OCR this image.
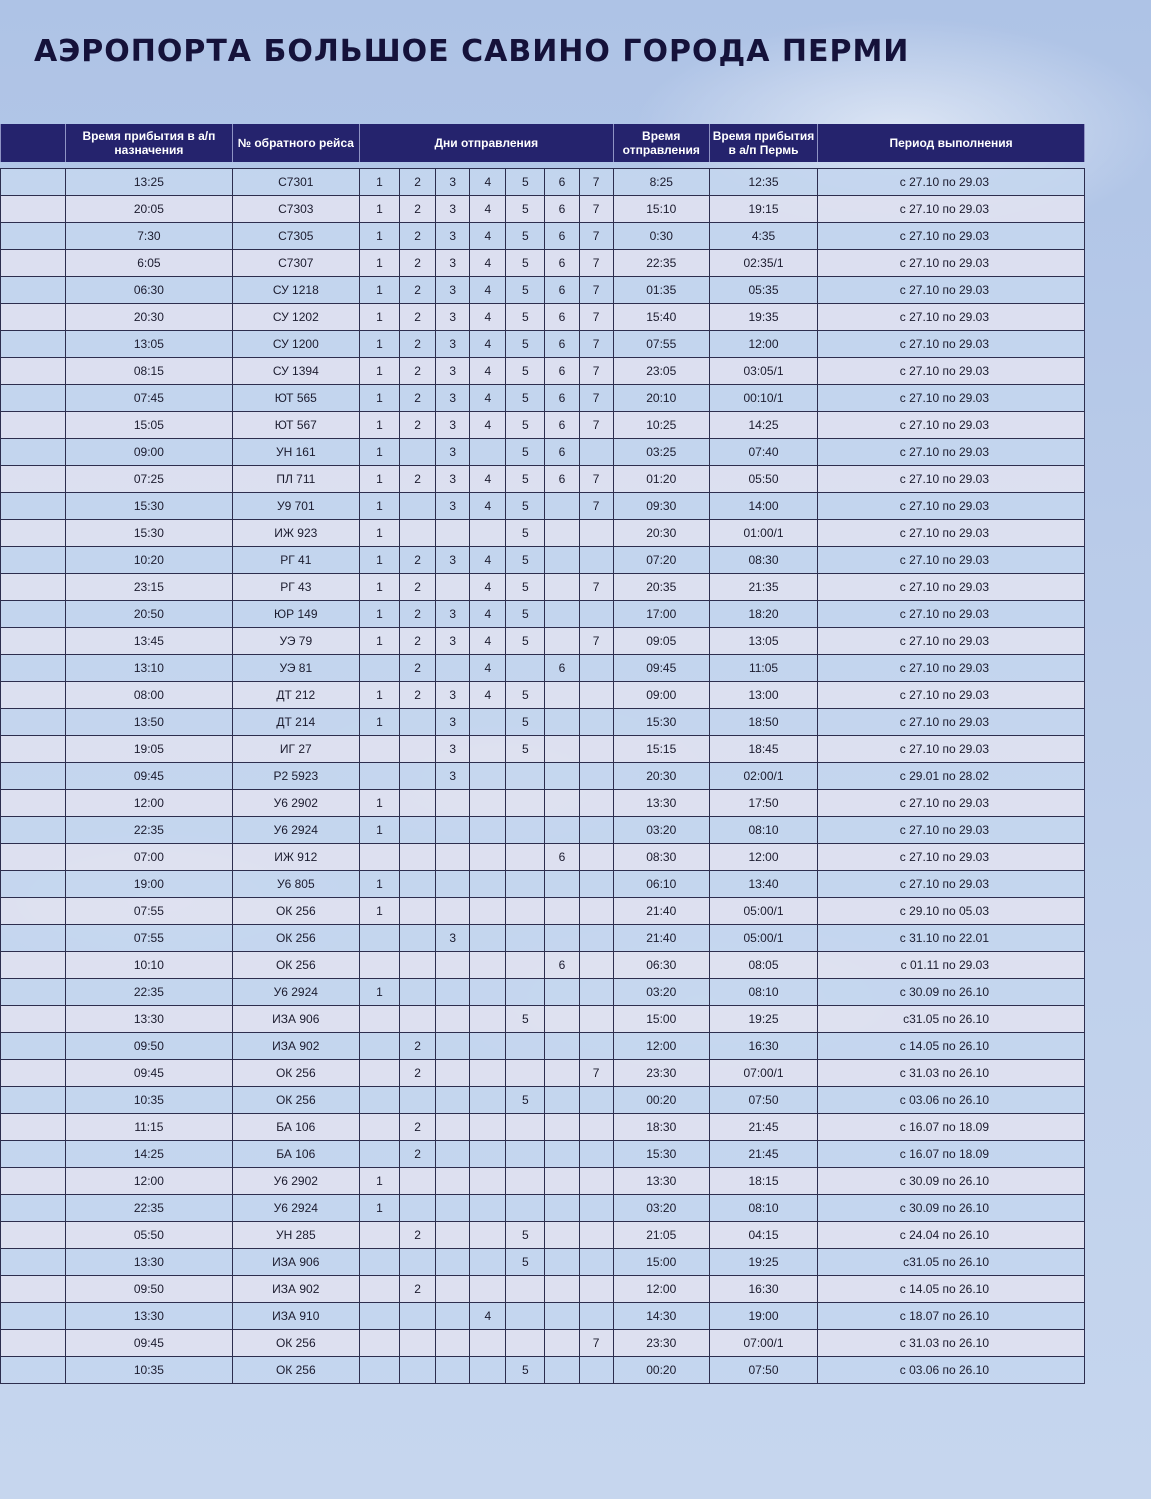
АЭРОПОРТА БОЛЬШОЕ САВИНО ГОРОДА ПЕРМИ
	Время прибытия в а/п назначения	№ обратного рейса	Дни отправления							Время отправления	Время прибытия в а/п Пермь	Период выполнения

	13:25	С7301	1	2	3	4	5	6	7	8:25	12:35	с 27.10 по 29.03
	20:05	С7303	1	2	3	4	5	6	7	15:10	19:15	с 27.10 по 29.03
	7:30	С7305	1	2	3	4	5	6	7	0:30	4:35	с 27.10 по 29.03
	6:05	С7307	1	2	3	4	5	6	7	22:35	02:35/1	с 27.10 по 29.03
	06:30	СУ 1218	1	2	3	4	5	6	7	01:35	05:35	с 27.10 по 29.03
	20:30	СУ 1202	1	2	3	4	5	6	7	15:40	19:35	с 27.10 по 29.03
	13:05	СУ 1200	1	2	3	4	5	6	7	07:55	12:00	с 27.10 по 29.03
	08:15	СУ 1394	1	2	3	4	5	6	7	23:05	03:05/1	с 27.10 по 29.03
	07:45	ЮТ 565	1	2	3	4	5	6	7	20:10	00:10/1	с 27.10 по 29.03
	15:05	ЮТ 567	1	2	3	4	5	6	7	10:25	14:25	с 27.10 по 29.03
	09:00	УН 161	1		3		5	6		03:25	07:40	с 27.10 по 29.03
	07:25	ПЛ 711	1	2	3	4	5	6	7	01:20	05:50	с 27.10 по 29.03
	15:30	У9 701	1		3	4	5		7	09:30	14:00	с 27.10 по 29.03
	15:30	ИЖ 923	1				5			20:30	01:00/1	с 27.10 по 29.03
	10:20	РГ 41	1	2	3	4	5			07:20	08:30	с 27.10 по 29.03
	23:15	РГ 43	1	2		4	5		7	20:35	21:35	с 27.10 по 29.03
	20:50	ЮР 149	1	2	3	4	5			17:00	18:20	с 27.10 по 29.03
	13:45	УЭ 79	1	2	3	4	5		7	09:05	13:05	с 27.10 по 29.03
	13:10	УЭ 81		2		4		6		09:45	11:05	с 27.10 по 29.03
	08:00	ДТ 212	1	2	3	4	5			09:00	13:00	с 27.10 по 29.03
	13:50	ДТ 214	1		3		5			15:30	18:50	с 27.10 по 29.03
	19:05	ИГ 27			3		5			15:15	18:45	с 27.10 по 29.03
	09:45	Р2 5923			3					20:30	02:00/1	с 29.01 по 28.02
	12:00	У6 2902	1							13:30	17:50	с 27.10 по 29.03
	22:35	У6 2924	1							03:20	08:10	с 27.10 по 29.03
	07:00	ИЖ 912						6		08:30	12:00	с 27.10 по 29.03
	19:00	У6 805	1							06:10	13:40	с 27.10 по 29.03
	07:55	ОК 256	1							21:40	05:00/1	с 29.10 по 05.03
	07:55	ОК 256			3					21:40	05:00/1	с 31.10 по 22.01
	10:10	ОК 256						6		06:30	08:05	с 01.11 по 29.03
	22:35	У6 2924	1							03:20	08:10	с 30.09 по 26.10
	13:30	ИЗА 906					5			15:00	19:25	с31.05 по 26.10
	09:50	ИЗА 902		2						12:00	16:30	с 14.05 по 26.10
	09:45	ОК 256		2					7	23:30	07:00/1	с 31.03 по 26.10
	10:35	ОК 256					5			00:20	07:50	с 03.06 по 26.10
	11:15	БА 106		2						18:30	21:45	с 16.07 по 18.09
	14:25	БА 106		2						15:30	21:45	с 16.07 по 18.09
	12:00	У6 2902	1							13:30	18:15	с 30.09 по 26.10
	22:35	У6 2924	1							03:20	08:10	с 30.09 по 26.10
	05:50	УН 285		2			5			21:05	04:15	с 24.04 по 26.10
	13:30	ИЗА 906					5			15:00	19:25	с31.05 по 26.10
	09:50	ИЗА 902		2						12:00	16:30	с 14.05 по 26.10
	13:30	ИЗА 910				4				14:30	19:00	с 18.07 по 26.10
	09:45	ОК 256							7	23:30	07:00/1	с 31.03 по 26.10
	10:35	ОК 256					5			00:20	07:50	с 03.06 по 26.10
